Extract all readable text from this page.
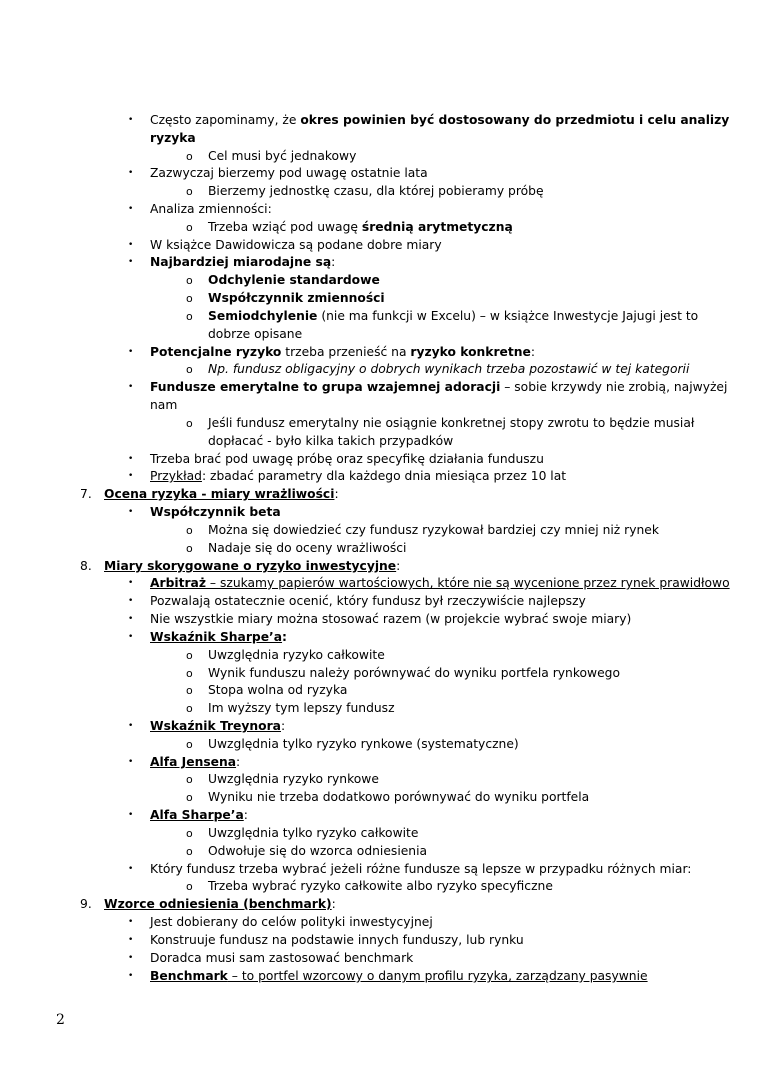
• Często zapominamy, że okres powinien być dostosowany do przedmiotu i celu analizy
ryzyka
o Cel musi być jednakowy
• Zazwyczaj bierzemy pod uwagę ostatnie lata
o Bierzemy jednostkę czasu, dla której pobieramy próbę
• Analiza zmienności:
o Trzeba wziąć pod uwagę średnią arytmetyczną
• W książce Dawidowicza są podane dobre miary
• Najbardziej miarodajne są:
o Odchylenie standardowe
o Współczynnik zmienności
o Semiodchylenie (nie ma funkcji w Excelu) – w książce Inwestycje Jajugi jest to
dobrze opisane
• Potencjalne ryzyko trzeba przenieść na ryzyko konkretne:
o Np. fundusz obligacyjny o dobrych wynikach trzeba pozostawić w tej kategorii
• Fundusze emerytalne to grupa wzajemnej adoracji – sobie krzywdy nie zrobią, najwyżej
nam
o Jeśli fundusz emerytalny nie osiągnie konkretnej stopy zwrotu to będzie musiał
dopłacać - było kilka takich przypadków
• Trzeba brać pod uwagę próbę oraz specyfikę działania funduszu
• Przykład: zbadać parametry dla każdego dnia miesiąca przez 10 lat
7. Ocena ryzyka - miary wrażliwości:
• Współczynnik beta
o Można się dowiedzieć czy fundusz ryzykował bardziej czy mniej niż rynek
o Nadaje się do oceny wrażliwości
8. Miary skorygowane o ryzyko inwestycyjne:
• Arbitraż – szukamy papierów wartościowych, które nie są wycenione przez rynek prawidłowo
• Pozwalają ostatecznie ocenić, który fundusz był rzeczywiście najlepszy
• Nie wszystkie miary można stosować razem (w projekcie wybrać swoje miary)
• Wskaźnik Sharpe’a:
o Uwzględnia ryzyko całkowite
o Wynik funduszu należy porównywać do wyniku portfela rynkowego
o Stopa wolna od ryzyka
o Im wyższy tym lepszy fundusz
• Wskaźnik Treynora:
o Uwzględnia tylko ryzyko rynkowe (systematyczne)
• Alfa Jensena:
o Uwzględnia ryzyko rynkowe
o Wyniku nie trzeba dodatkowo porównywać do wyniku portfela
• Alfa Sharpe’a:
o Uwzględnia tylko ryzyko całkowite
o Odwołuje się do wzorca odniesienia
• Który fundusz trzeba wybrać jeżeli różne fundusze są lepsze w przypadku różnych miar:
o Trzeba wybrać ryzyko całkowite albo ryzyko specyficzne
9. Wzorce odniesienia (benchmark):
• Jest dobierany do celów polityki inwestycyjnej
• Konstruuje fundusz na podstawie innych funduszy, lub rynku
• Doradca musi sam zastosować benchmark
• Benchmark – to portfel wzorcowy o danym profilu ryzyka, zarządzany pasywnie
2
